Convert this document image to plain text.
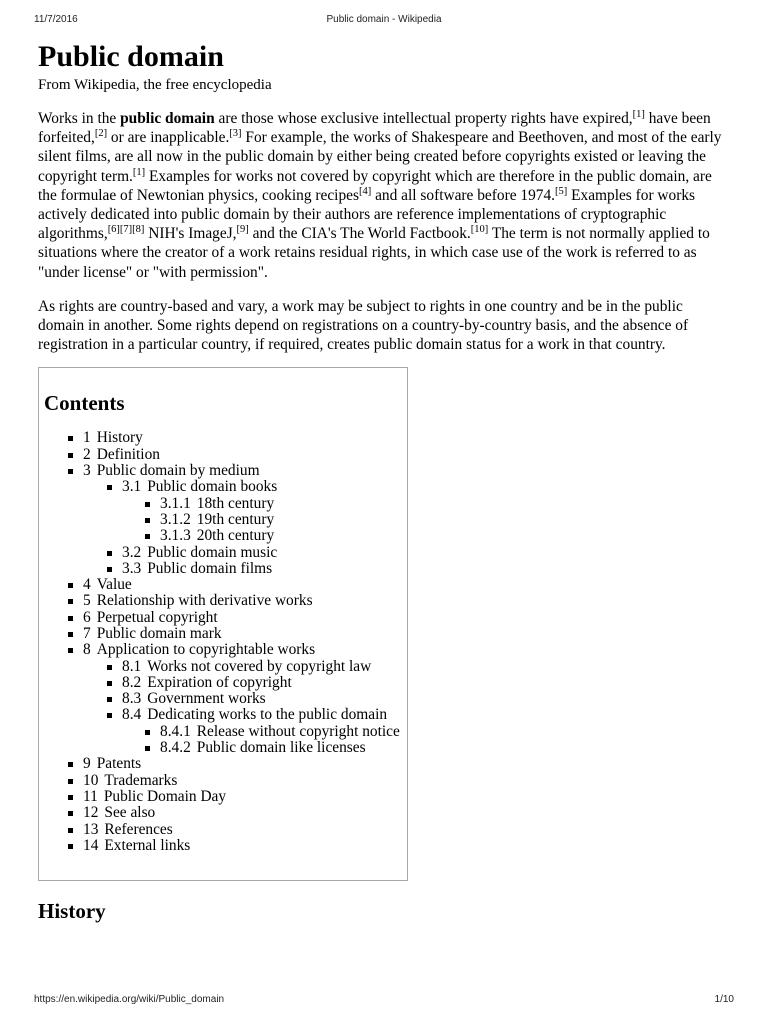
11/7/2016	Public domain - Wikipedia
Public domain

From Wikipedia, the free encyclopedia

Works in the public domain are those whose exclusive intellectual property rights have expired,[1] have been forfeited,[2] or are inapplicable.[3] For example, the works of Shakespeare and Beethoven, and most of the early silent films, are all now in the public domain by either being created before copyrights existed or leaving the copyright term.[1] Examples for works not covered by copyright which are therefore in the public domain, are the formulae of Newtonian physics, cooking recipes[4] and all software before 1974.[5] Examples for works actively dedicated into public domain by their authors are reference implementations of cryptographic algorithms,[6][7][8] NIH's ImageJ,[9] and the CIA's The World Factbook.[10] The term is not normally applied to situations where the creator of a work retains residual rights, in which case use of the work is referred to as "under license" or "with permission".

As rights are country-based and vary, a work may be subject to rights in one country and be in the public domain in another. Some rights depend on registrations on a country-by-country basis, and the absence of registration in a particular country, if required, creates public domain status for a work in that country.

Contents
1 History
2 Definition
3 Public domain by medium
3.1 Public domain books
3.1.1 18th century
3.1.2 19th century
3.1.3 20th century
3.2 Public domain music
3.3 Public domain films
4 Value
5 Relationship with derivative works
6 Perpetual copyright
7 Public domain mark
8 Application to copyrightable works
8.1 Works not covered by copyright law
8.2 Expiration of copyright
8.3 Government works
8.4 Dedicating works to the public domain
8.4.1 Release without copyright notice
8.4.2 Public domain like licenses
9 Patents
10 Trademarks
11 Public Domain Day
12 See also
13 References
14 External links
History
https://en.wikipedia.org/wiki/Public_domain	1/10
